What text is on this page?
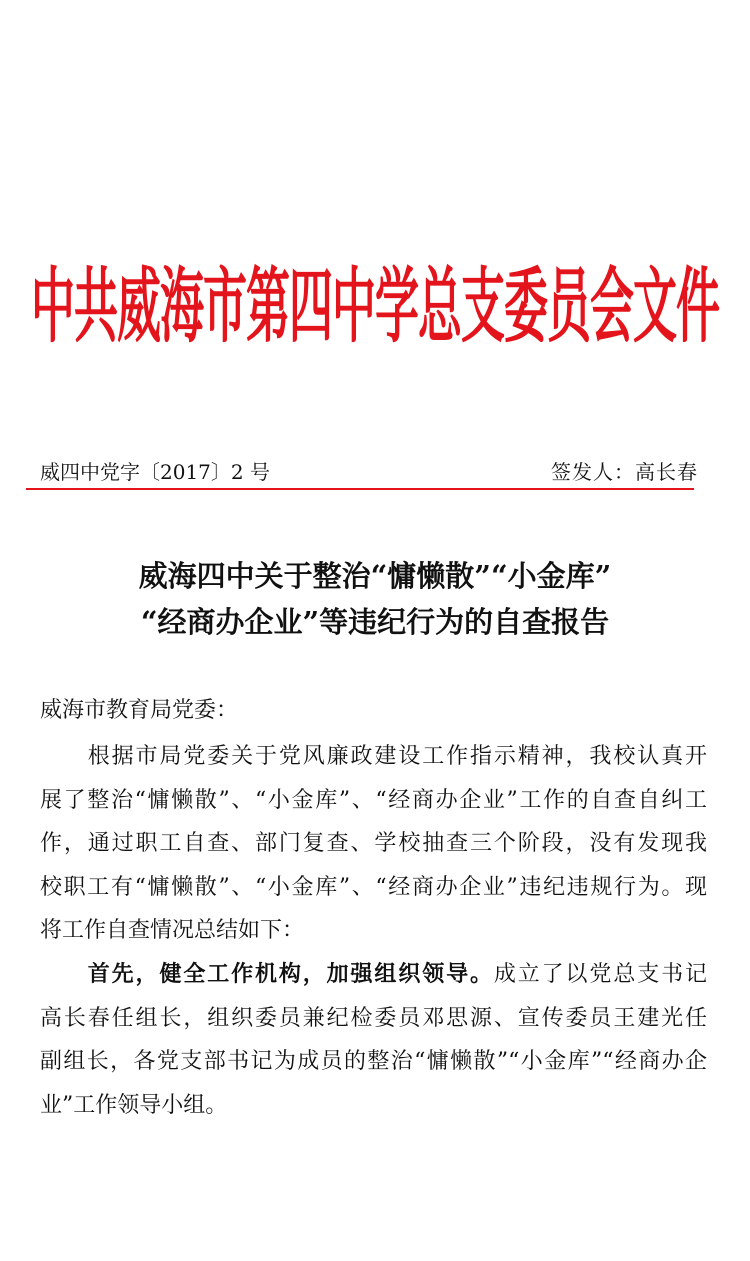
中共威海市第四中学总支委员会文件
威四中党字〔2017〕2 号	签发人：高长春
威海四中关于整治“慵懒散”“小金库”
“经商办企业”等违纪行为的自查报告
威海市教育局党委：
　　根据市局党委关于党风廉政建设工作指示精神，我校认真开
展了整治“慵懒散”、“小金库”、“经商办企业”工作的自查自纠工
作，通过职工自查、部门复查、学校抽查三个阶段，没有发现我
校职工有“慵懒散”、“小金库”、“经商办企业”违纪违规行为。现
将工作自查情况总结如下：
　　首先，健全工作机构，加强组织领导。成立了以党总支书记
高长春任组长，组织委员兼纪检委员邓思源、宣传委员王建光任
副组长，各党支部书记为成员的整治“慵懒散”“小金库”“经商办企
业”工作领导小组。
